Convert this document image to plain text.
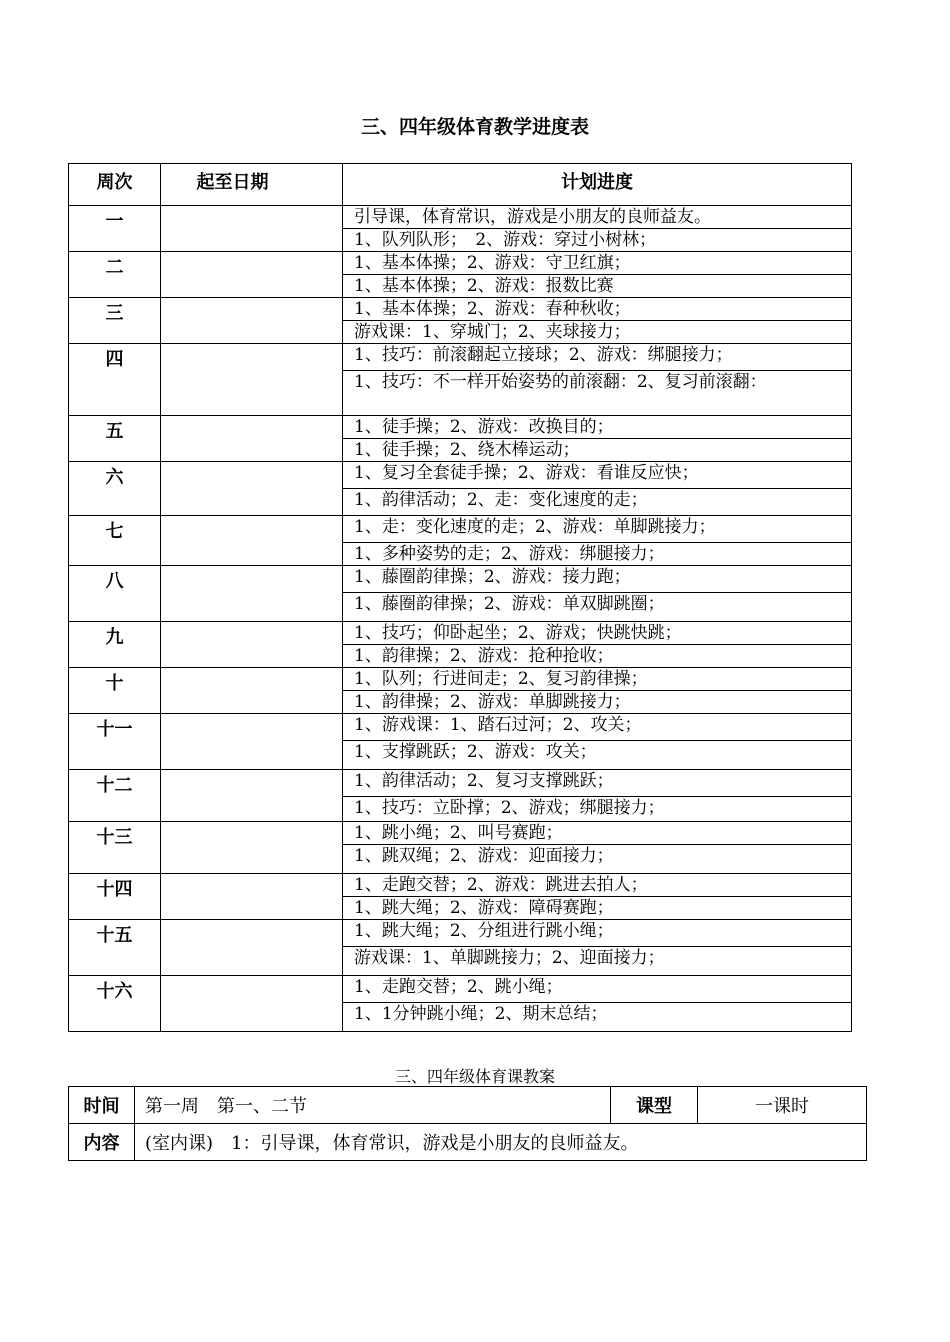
三、四年级体育教学进度表
周次	起至日期	计划进度
一		引导课，体育常识，游戏是小朋友的良师益友。
		1、队列队形；　2、游戏：穿过小树林；
二		1、基本体操；2、游戏：守卫红旗；
		1、基本体操；2、游戏：报数比赛
三		1、基本体操；2、游戏：春种秋收；
		游戏课：1、穿城门；2、夹球接力；
四		1、技巧：前滚翻起立接球；2、游戏：绑腿接力；
		1、技巧：不一样开始姿势的前滚翻：2、复习前滚翻：
五		1、徒手操；2、游戏：改换目的；
		1、徒手操；2、绕木棒运动；
六		1、复习全套徒手操；2、游戏：看谁反应快；
		1、韵律活动；2、走：变化速度的走；
七		1、走：变化速度的走；2、游戏：单脚跳接力；
		1、多种姿势的走；2、游戏：绑腿接力；
八		1、藤圈韵律操；2、游戏：接力跑；
		1、藤圈韵律操；2、游戏：单双脚跳圈；
九		1、技巧；仰卧起坐；2、游戏；快跳快跳；
		1、韵律操；2、游戏：抢种抢收；
十		1、队列；行进间走；2、复习韵律操；
		1、韵律操；2、游戏：单脚跳接力；
十一		1、游戏课：1、踏石过河；2、攻关；
		1、支撑跳跃；2、游戏：攻关；
十二		1、韵律活动；2、复习支撑跳跃；
		1、技巧：立卧撑；2、游戏；绑腿接力；
十三		1、跳小绳；2、叫号赛跑；
		1、跳双绳；2、游戏：迎面接力；
十四		1、走跑交替；2、游戏：跳进去拍人；
		1、跳大绳；2、游戏：障碍赛跑；
十五		1、跳大绳；2、分组进行跳小绳；
		游戏课：1、单脚跳接力；2、迎面接力；
十六		1、走跑交替；2、跳小绳；
		1、1分钟跳小绳；2、期末总结；
三、四年级体育课教案
时间	第一周　第一、二节	课型	一课时
内容	(室内课)　1：引导课，体育常识，游戏是小朋友的良师益友。		
